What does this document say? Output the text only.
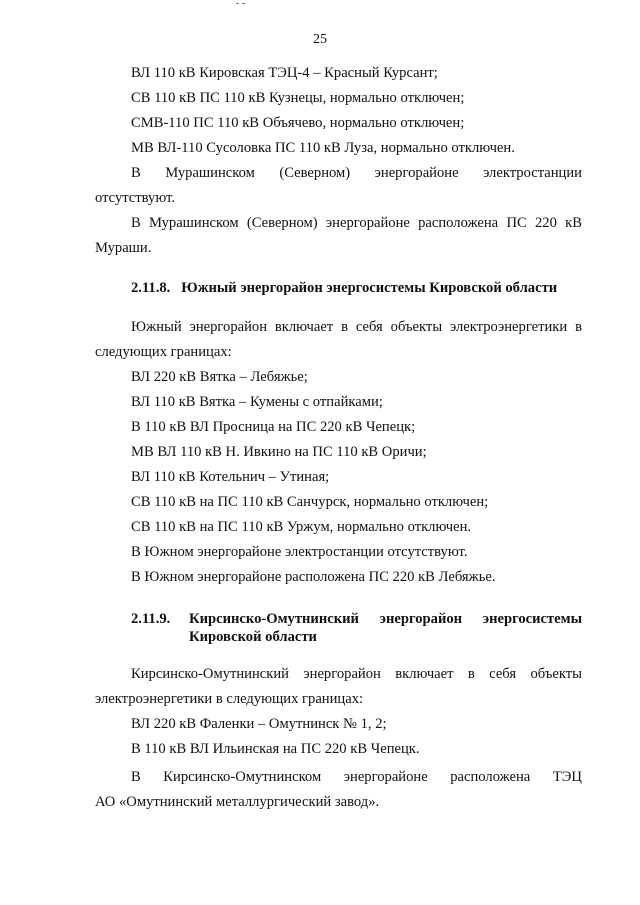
25
ВЛ 110 кВ Кировская ТЭЦ-4 – Красный Курсант;
СВ 110 кВ ПС 110 кВ Кузнецы, нормально отключен;
СМВ-110 ПС 110 кВ Объячево, нормально отключен;
МВ ВЛ-110 Сусоловка ПС 110 кВ Луза, нормально отключен.
В Мурашинском (Северном) энергорайоне электростанции
отсутствуют.
В Мурашинском (Северном) энергорайоне расположена ПС 220 кВ
Мураши.
2.11.8. Южный энергорайон энергосистемы Кировской области
Южный энергорайон включает в себя объекты электроэнергетики в
следующих границах:
ВЛ 220 кВ Вятка – Лебяжье;
ВЛ 110 кВ Вятка – Кумены с отпайками;
В 110 кВ ВЛ Просница на ПС 220 кВ Чепецк;
МВ ВЛ 110 кВ Н. Ивкино на ПС 110 кВ Оричи;
ВЛ 110 кВ Котельнич – Утиная;
СВ 110 кВ на ПС 110 кВ Санчурск, нормально отключен;
СВ 110 кВ на ПС 110 кВ Уржум, нормально отключен.
В Южном энергорайоне электростанции отсутствуют.
В Южном энергорайоне расположена ПС 220 кВ Лебяжье.
2.11.9. Кирсинско-Омутнинский энергорайон энергосистемы
Кировской области
Кирсинско-Омутнинский энергорайон включает в себя объекты
электроэнергетики в следующих границах:
ВЛ 220 кВ Фаленки – Омутнинск № 1, 2;
В 110 кВ ВЛ Ильинская на ПС 220 кВ Чепецк.
В Кирсинско-Омутнинском энергорайоне расположена ТЭЦ
АО «Омутнинский металлургический завод».
